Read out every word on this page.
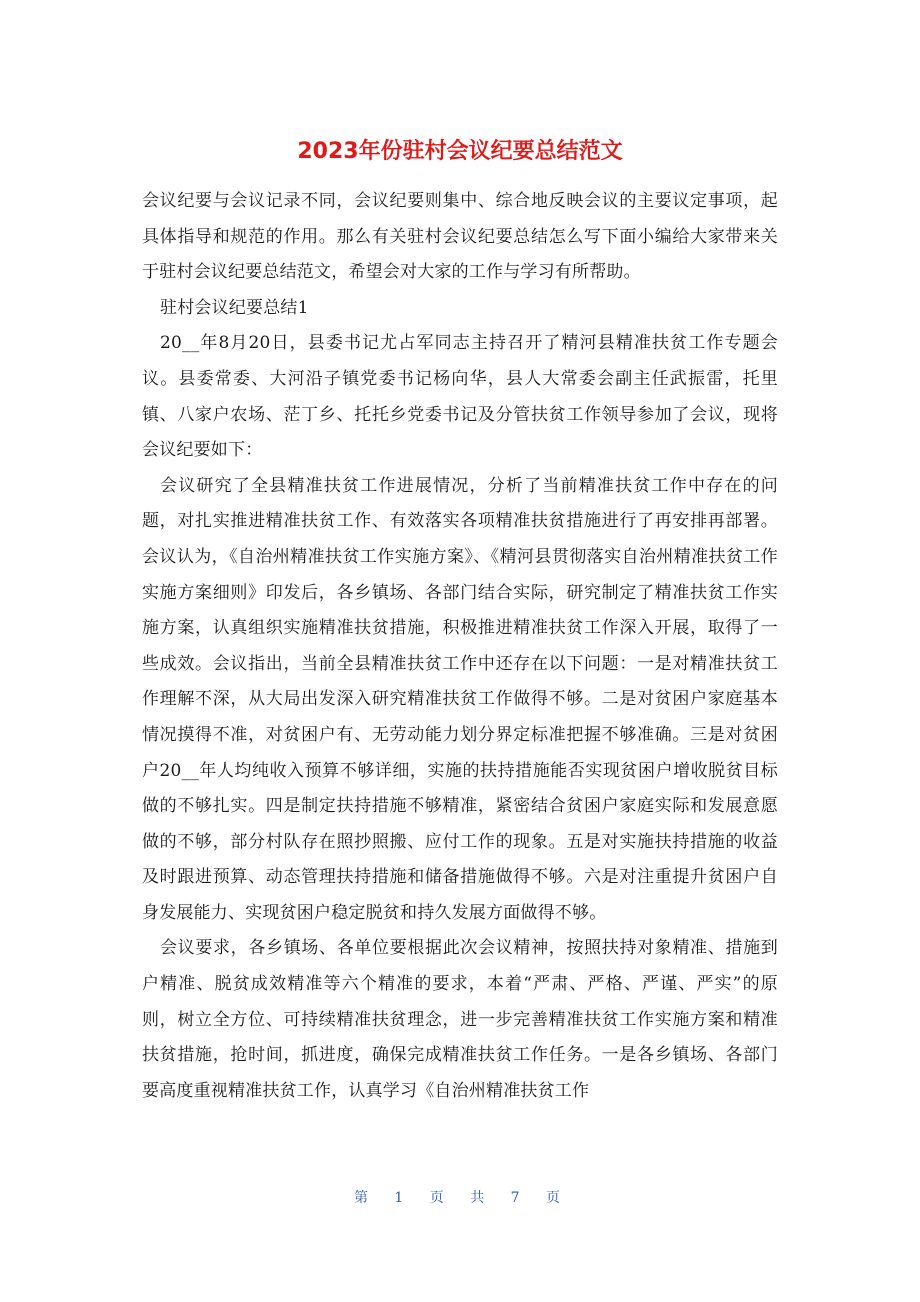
2023年份驻村会议纪要总结范文

会议纪要与会议记录不同，会议纪要则集中、综合地反映会议的主要议定事项，起具体指导和规范的作用。那么有关驻村会议纪要总结怎么写下面小编给大家带来关于驻村会议纪要总结范文，希望会对大家的工作与学习有所帮助。

驻村会议纪要总结1

20__年8月20日，县委书记尤占军同志主持召开了精河县精准扶贫工作专题会议。县委常委、大河沿子镇党委书记杨向华，县人大常委会副主任武振雷，托里镇、八家户农场、茫丁乡、托托乡党委书记及分管扶贫工作领导参加了会议，现将会议纪要如下：

会议研究了全县精准扶贫工作进展情况，分析了当前精准扶贫工作中存在的问题，对扎实推进精准扶贫工作、有效落实各项精准扶贫措施进行了再安排再部署。会议认为，《自治州精准扶贫工作实施方案》、《精河县贯彻落实自治州精准扶贫工作实施方案细则》印发后，各乡镇场、各部门结合实际，研究制定了精准扶贫工作实施方案，认真组织实施精准扶贫措施，积极推进精准扶贫工作深入开展，取得了一些成效。会议指出，当前全县精准扶贫工作中还存在以下问题：一是对精准扶贫工作理解不深，从大局出发深入研究精准扶贫工作做得不够。二是对贫困户家庭基本情况摸得不准，对贫困户有、无劳动能力划分界定标准把握不够准确。三是对贫困户20__年人均纯收入预算不够详细，实施的扶持措施能否实现贫困户增收脱贫目标做的不够扎实。四是制定扶持措施不够精准，紧密结合贫困户家庭实际和发展意愿做的不够，部分村队存在照抄照搬、应付工作的现象。五是对实施扶持措施的收益及时跟进预算、动态管理扶持措施和储备措施做得不够。六是对注重提升贫困户自身发展能力、实现贫困户稳定脱贫和持久发展方面做得不够。

会议要求，各乡镇场、各单位要根据此次会议精神，按照扶持对象精准、措施到户精准、脱贫成效精准等六个精准的要求，本着“严肃、严格、严谨、严实”的原则，树立全方位、可持续精准扶贫理念，进一步完善精准扶贫工作实施方案和精准扶贫措施，抢时间，抓进度，确保完成精准扶贫工作任务。一是各乡镇场、各部门要高度重视精准扶贫工作，认真学习《自治州精准扶贫工作

第 1 页 共 7 页
